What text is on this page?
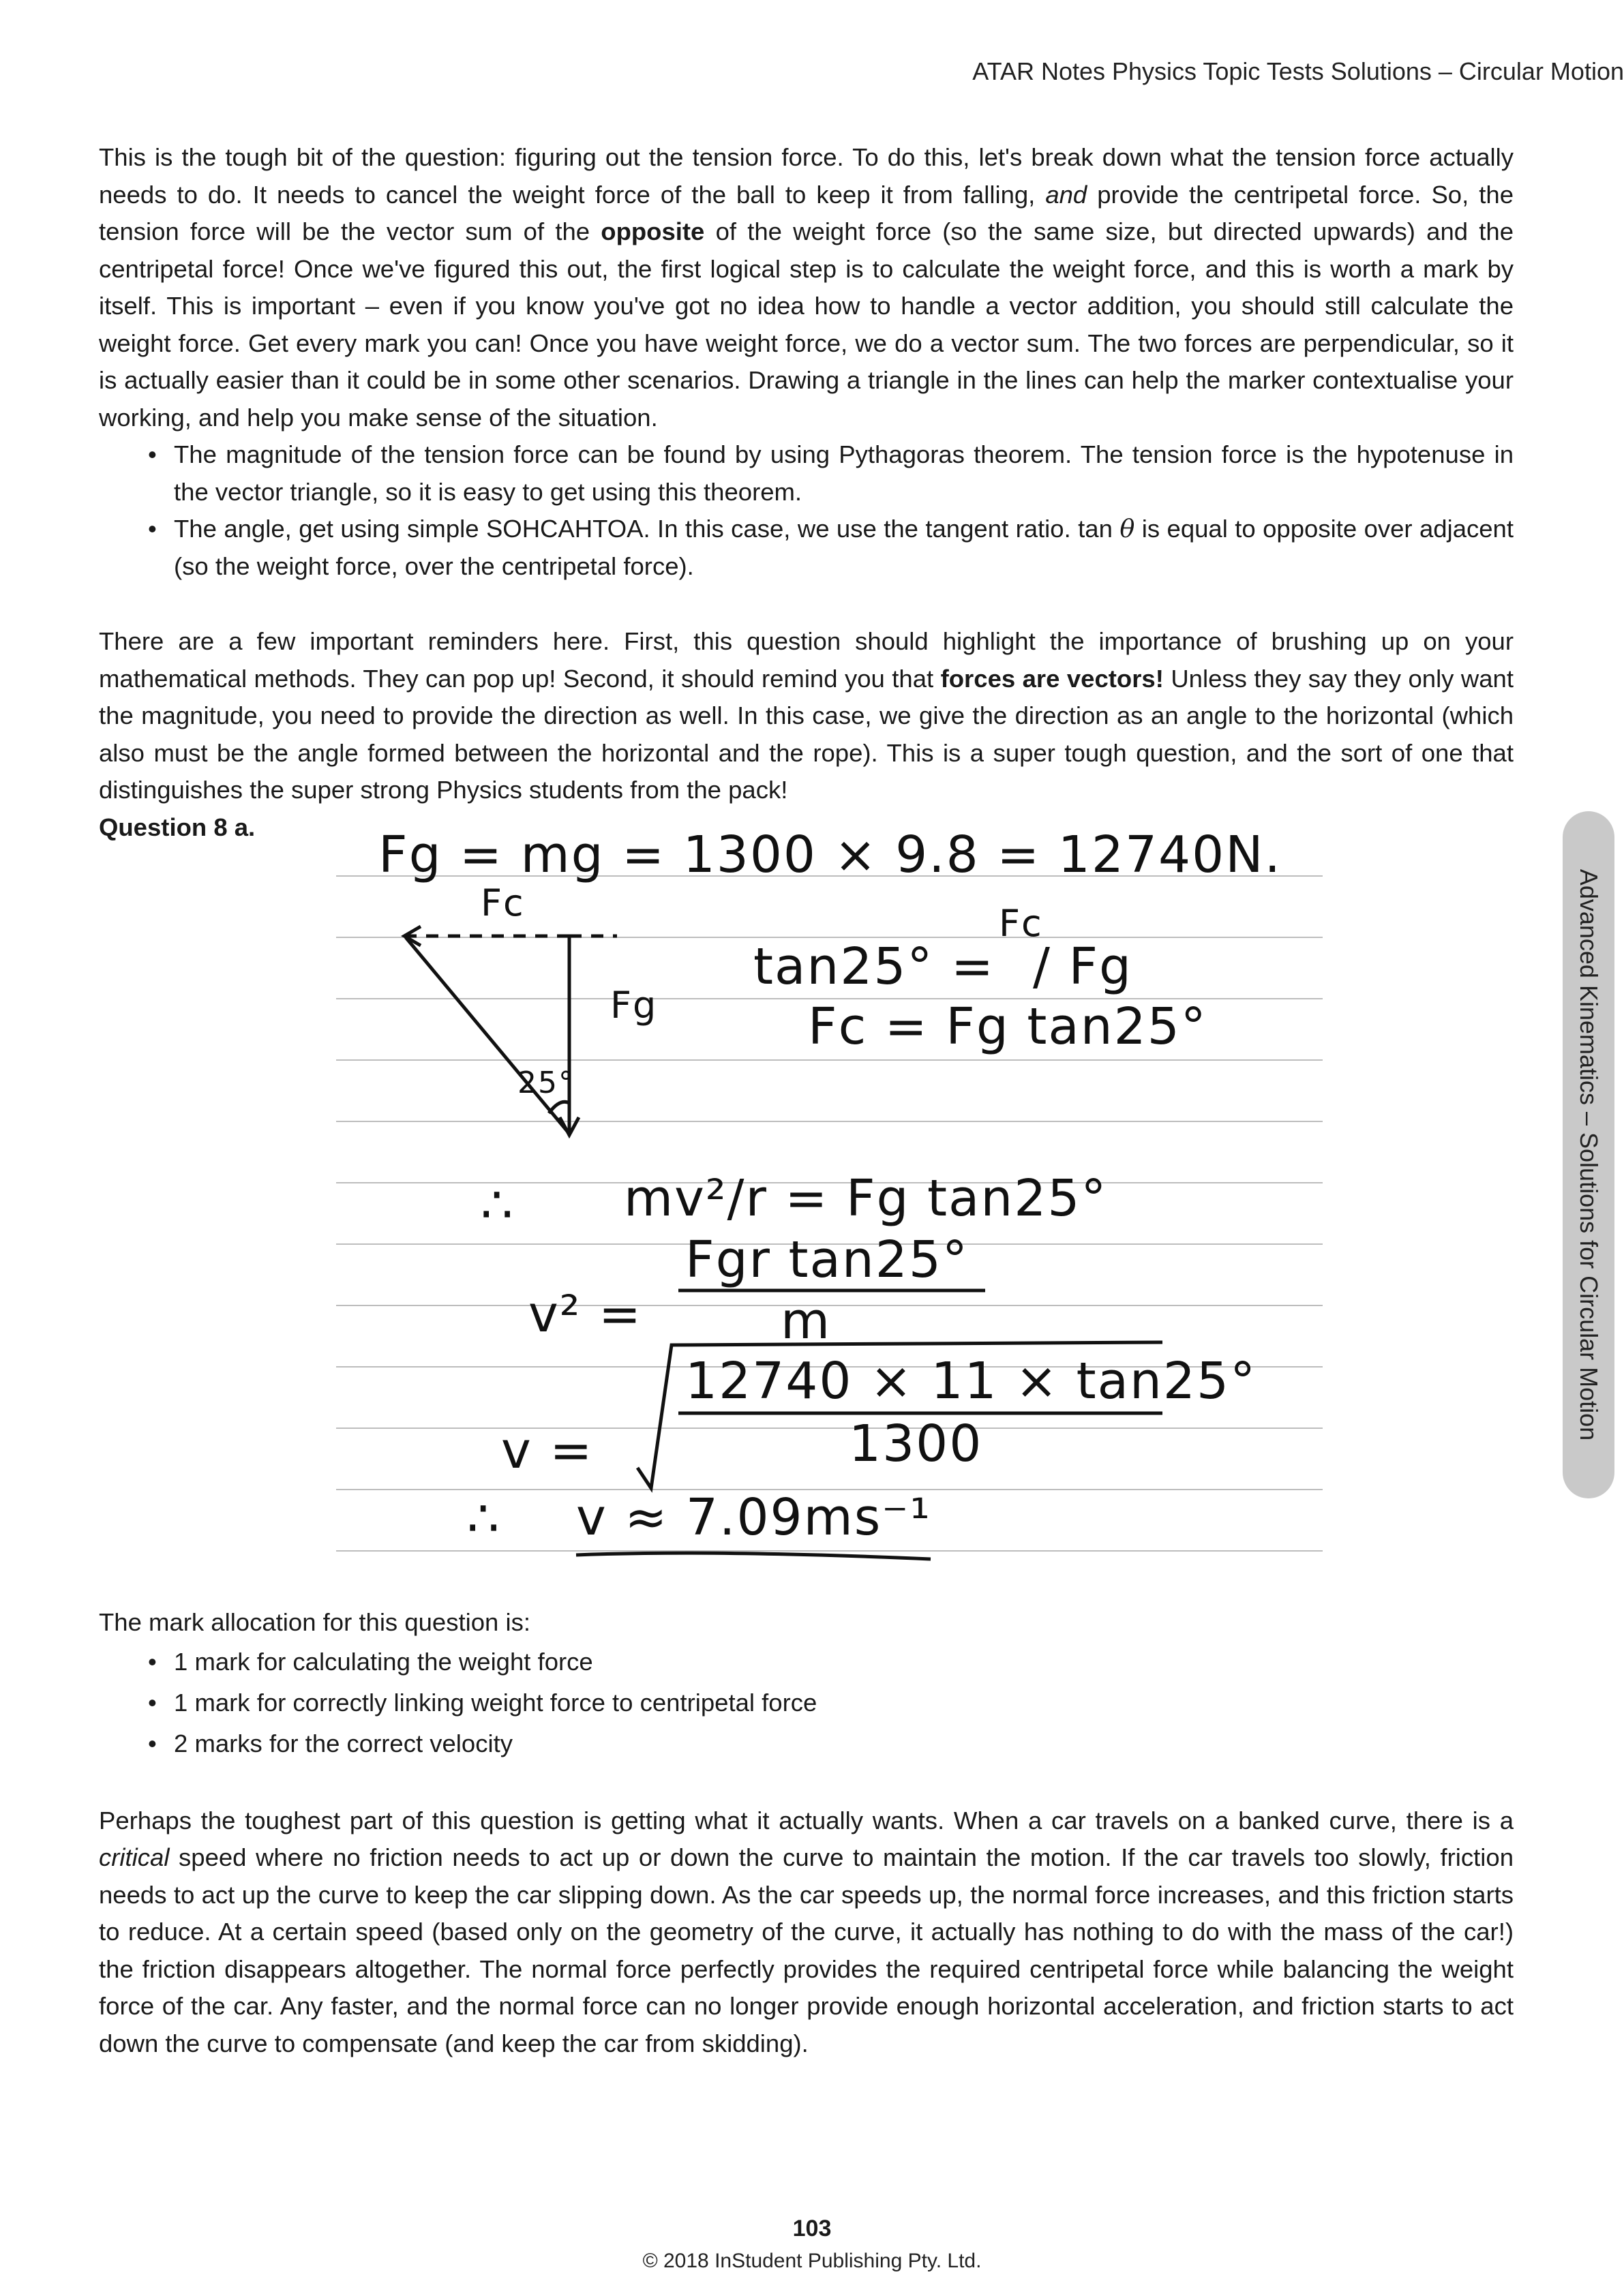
ATAR Notes Physics Topic Tests Solutions – Circular Motion

This is the tough bit of the question: figuring out the tension force. To do this, let's break down what the tension force actually needs to do. It needs to cancel the weight force of the ball to keep it from falling, and provide the centripetal force. So, the tension force will be the vector sum of the opposite of the weight force (so the same size, but directed upwards) and the centripetal force! Once we've figured this out, the first logical step is to calculate the weight force, and this is worth a mark by itself. This is important – even if you know you've got no idea how to handle a vector addition, you should still calculate the weight force. Get every mark you can! Once you have weight force, we do a vector sum. The two forces are perpendicular, so it is actually easier than it could be in some other scenarios. Drawing a triangle in the lines can help the marker contextualise your working, and help you make sense of the situation.

• The magnitude of the tension force can be found by using Pythagoras theorem. The tension force is the hypotenuse in the vector triangle, so it is easy to get using this theorem.
• The angle, get using simple SOHCAHTOA. In this case, we use the tangent ratio. tan θ is equal to opposite over adjacent (so the weight force, over the centripetal force).

There are a few important reminders here. First, this question should highlight the importance of brushing up on your mathematical methods. They can pop up! Second, it should remind you that forces are vectors! Unless they say they only want the magnitude, you need to provide the direction as well. In this case, we give the direction as an angle to the horizontal (which also must be the angle formed between the horizontal and the rope). This is a super tough question, and the sort of one that distinguishes the super strong Physics students from the pack!

Question 8 a.	Fg = mg = 1300 × 9.8 = 12740N.
Fc
Fg
25°
tan25° =
Fc
/ Fg
Fc = Fg tan25°
∴ mv²/r = Fg tan25°
Fgr tan25°
v² =	m
12740 × 11 × tan25°
v =	1300
∴ v ≈ 7.09ms⁻¹

The mark allocation for this question is:

• 1 mark for calculating the weight force
• 1 mark for correctly linking weight force to centripetal force
• 2 marks for the correct velocity

Perhaps the toughest part of this question is getting what it actually wants. When a car travels on a banked curve, there is a critical speed where no friction needs to act up or down the curve to maintain the motion. If the car travels too slowly, friction needs to act up the curve to keep the car slipping down. As the car speeds up, the normal force increases, and this friction starts to reduce. At a certain speed (based only on the geometry of the curve, it actually has nothing to do with the mass of the car!) the friction disappears altogether. The normal force perfectly provides the required centripetal force while balancing the weight force of the car. Any faster, and the normal force can no longer provide enough horizontal acceleration, and friction starts to act down the curve to compensate (and keep the car from skidding).

Advanced Kinematics – Solutions for Circular Motion
103
© 2018 InStudent Publishing Pty. Ltd.
